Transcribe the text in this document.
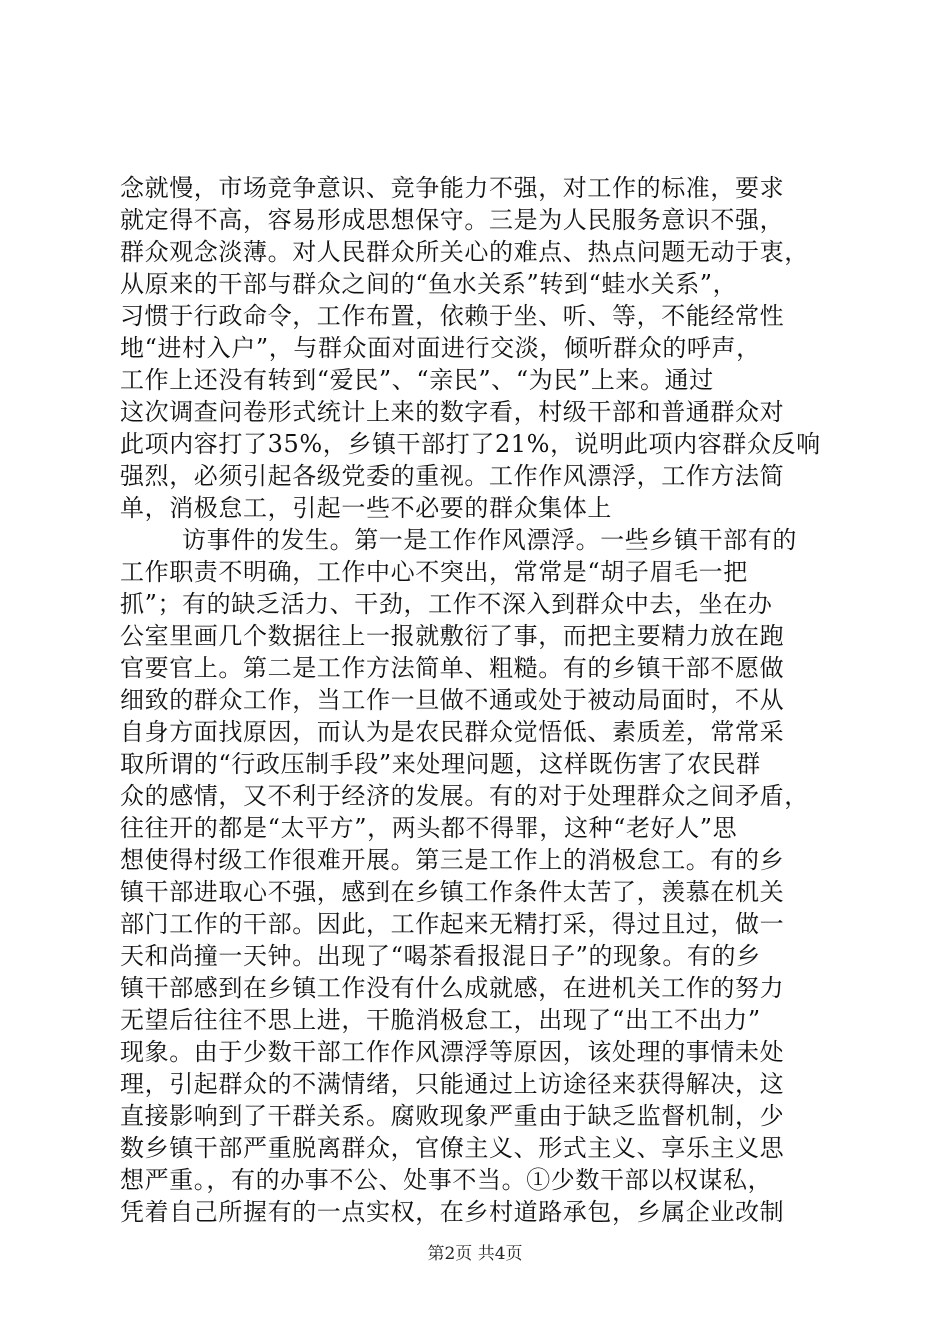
念就慢，市场竞争意识、竞争能力不强，对工作的标准，要求
就定得不高，容易形成思想保守。三是为人民服务意识不强，
群众观念淡薄。对人民群众所关心的难点、热点问题无动于衷，
从原来的干部与群众之间的“鱼水关系”转到“蛙水关系”，
习惯于行政命令，工作布置，依赖于坐、听、等，不能经常性
地“进村入户”，与群众面对面进行交淡，倾听群众的呼声，
工作上还没有转到“爱民”、“亲民”、“为民”上来。通过
这次调查问卷形式统计上来的数字看，村级干部和普通群众对
此项内容打了35%，乡镇干部打了21%，说明此项内容群众反响
强烈，必须引起各级党委的重视。工作作风漂浮，工作方法简
单，消极怠工，引起一些不必要的群众集体上
访事件的发生。第一是工作作风漂浮。一些乡镇干部有的
工作职责不明确，工作中心不突出，常常是“胡子眉毛一把
抓”；有的缺乏活力、干劲，工作不深入到群众中去，坐在办
公室里画几个数据往上一报就敷衍了事，而把主要精力放在跑
官要官上。第二是工作方法简单、粗糙。有的乡镇干部不愿做
细致的群众工作，当工作一旦做不通或处于被动局面时，不从
自身方面找原因，而认为是农民群众觉悟低、素质差，常常采
取所谓的“行政压制手段”来处理问题，这样既伤害了农民群
众的感情，又不利于经济的发展。有的对于处理群众之间矛盾，
往往开的都是“太平方”，两头都不得罪，这种“老好人”思
想使得村级工作很难开展。第三是工作上的消极怠工。有的乡
镇干部进取心不强，感到在乡镇工作条件太苦了，羡慕在机关
部门工作的干部。因此，工作起来无精打采，得过且过，做一
天和尚撞一天钟。出现了“喝茶看报混日子”的现象。有的乡
镇干部感到在乡镇工作没有什么成就感，在进机关工作的努力
无望后往往不思上进，干脆消极怠工，出现了“出工不出力”
现象。由于少数干部工作作风漂浮等原因，该处理的事情未处
理，引起群众的不满情绪，只能通过上访途径来获得解决，这
直接影响到了干群关系。腐败现象严重由于缺乏监督机制，少
数乡镇干部严重脱离群众，官僚主义、形式主义、享乐主义思
想严重。，有的办事不公、处事不当。①少数干部以权谋私，
凭着自己所握有的一点实权，在乡村道路承包，乡属企业改制
第2页 共4页
